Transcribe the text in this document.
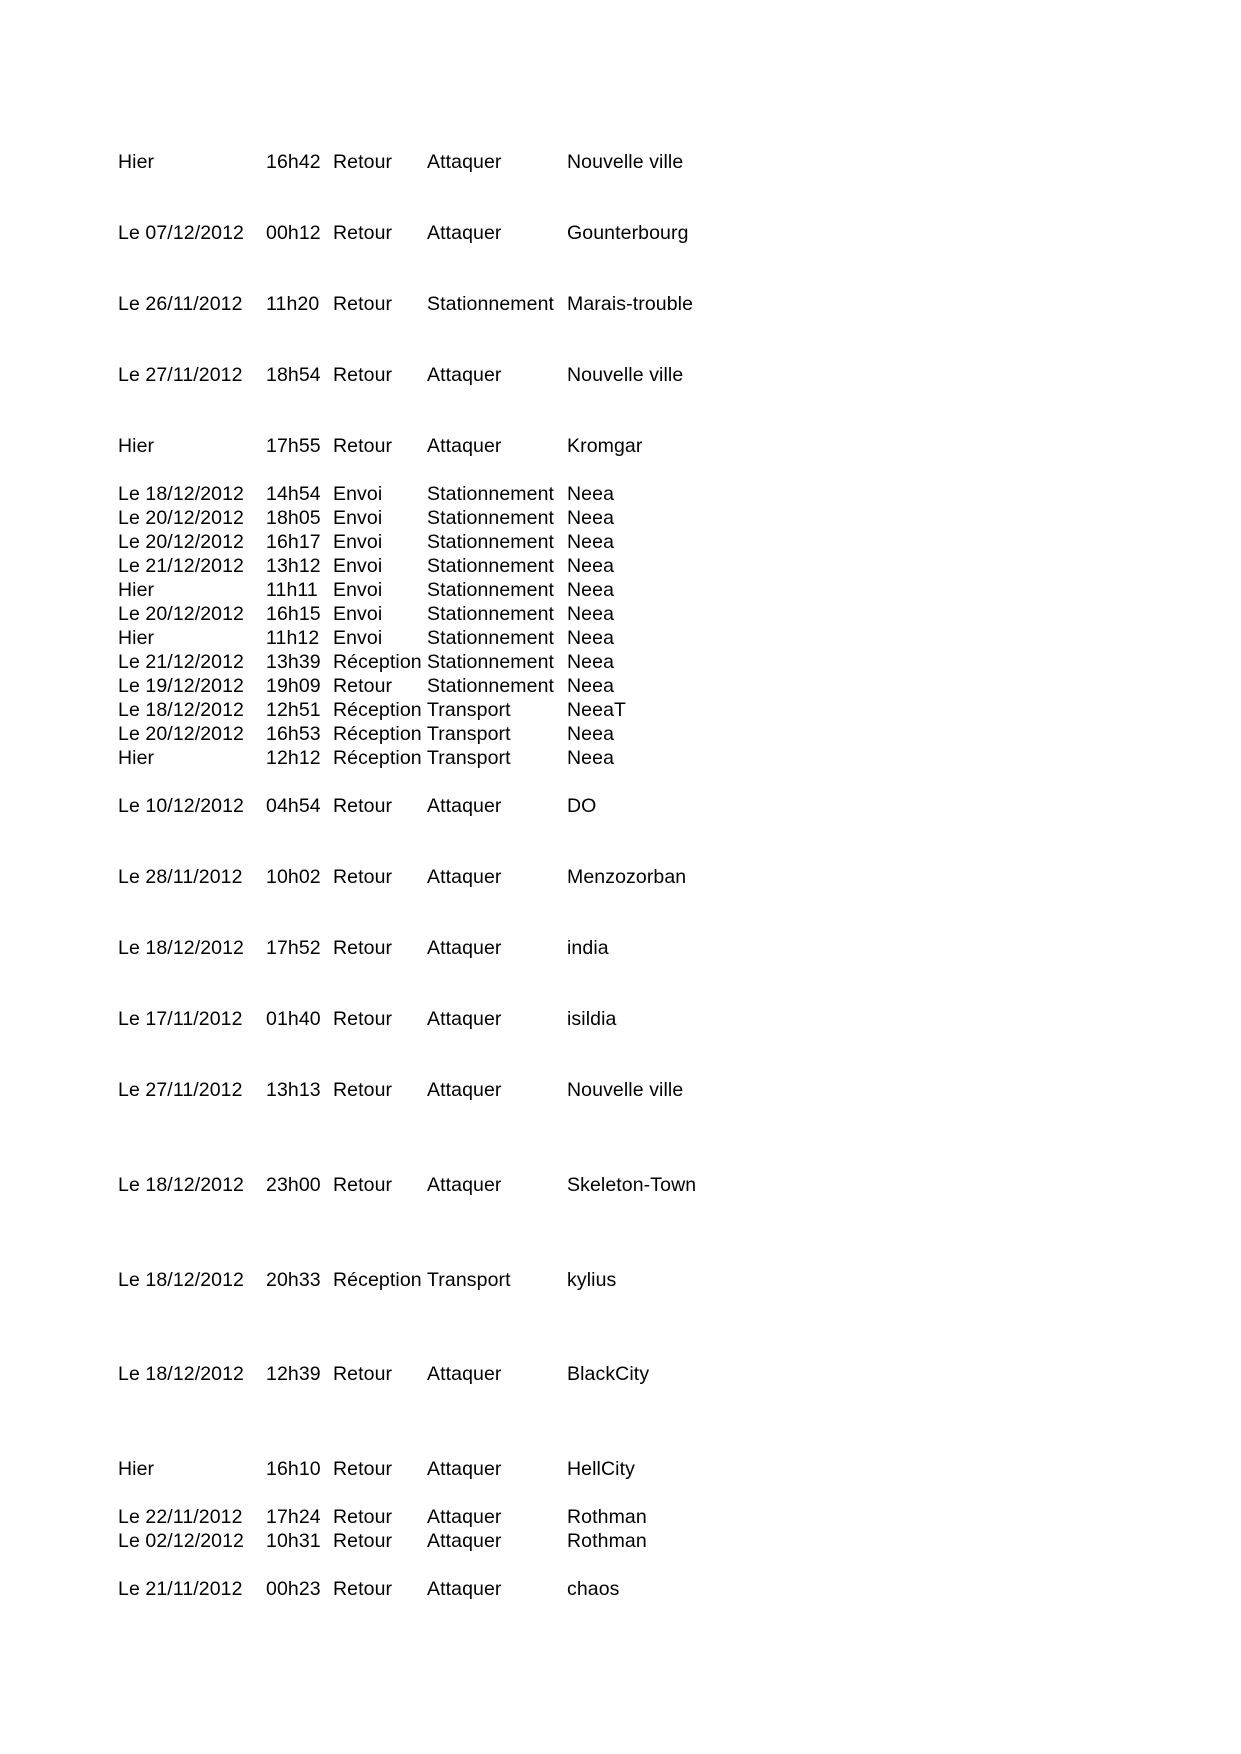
Hier	16h42 Retour Attaquer	Nouvelle ville
Le 07/12/2012 00h12 Retour Attaquer	Gounterbourg
Le 26/11/2012 11h20 Retour Stationnement Marais-trouble
Le 27/11/2012 18h54 Retour Attaquer	Nouvelle ville
Hier	17h55 Retour Attaquer	Kromgar
Le 18/12/2012 14h54 Envoi Stationnement Neea
Le 20/12/2012 18h05 Envoi Stationnement Neea
Le 20/12/2012 16h17 Envoi Stationnement Neea
Le 21/12/2012 13h12 Envoi Stationnement Neea
Hier	11h11 Envoi Stationnement Neea
Le 20/12/2012 16h15 Envoi Stationnement Neea
Hier	11h12 Envoi Stationnement Neea
Le 21/12/2012 13h39 Réception Stationnement Neea
Le 19/12/2012 19h09 Retour Stationnement Neea
Le 18/12/2012 12h51 Réception Transport	NeeaT
Le 20/12/2012 16h53 Réception Transport	Neea
Hier	12h12 Réception Transport	Neea
Le 10/12/2012 04h54 Retour Attaquer	DO
Le 28/11/2012 10h02 Retour Attaquer	Menzozorban
Le 18/12/2012 17h52 Retour Attaquer	india
Le 17/11/2012 01h40 Retour Attaquer	isildia
Le 27/11/2012 13h13 Retour Attaquer	Nouvelle ville
Le 18/12/2012 23h00 Retour Attaquer	Skeleton-Town
Le 18/12/2012 20h33 Réception Transport	kylius
Le 18/12/2012 12h39 Retour Attaquer	BlackCity
Hier	16h10 Retour Attaquer	HellCity
Le 22/11/2012 17h24 Retour Attaquer	Rothman
Le 02/12/2012 10h31 Retour Attaquer	Rothman
Le 21/11/2012 00h23 Retour Attaquer	chaos
